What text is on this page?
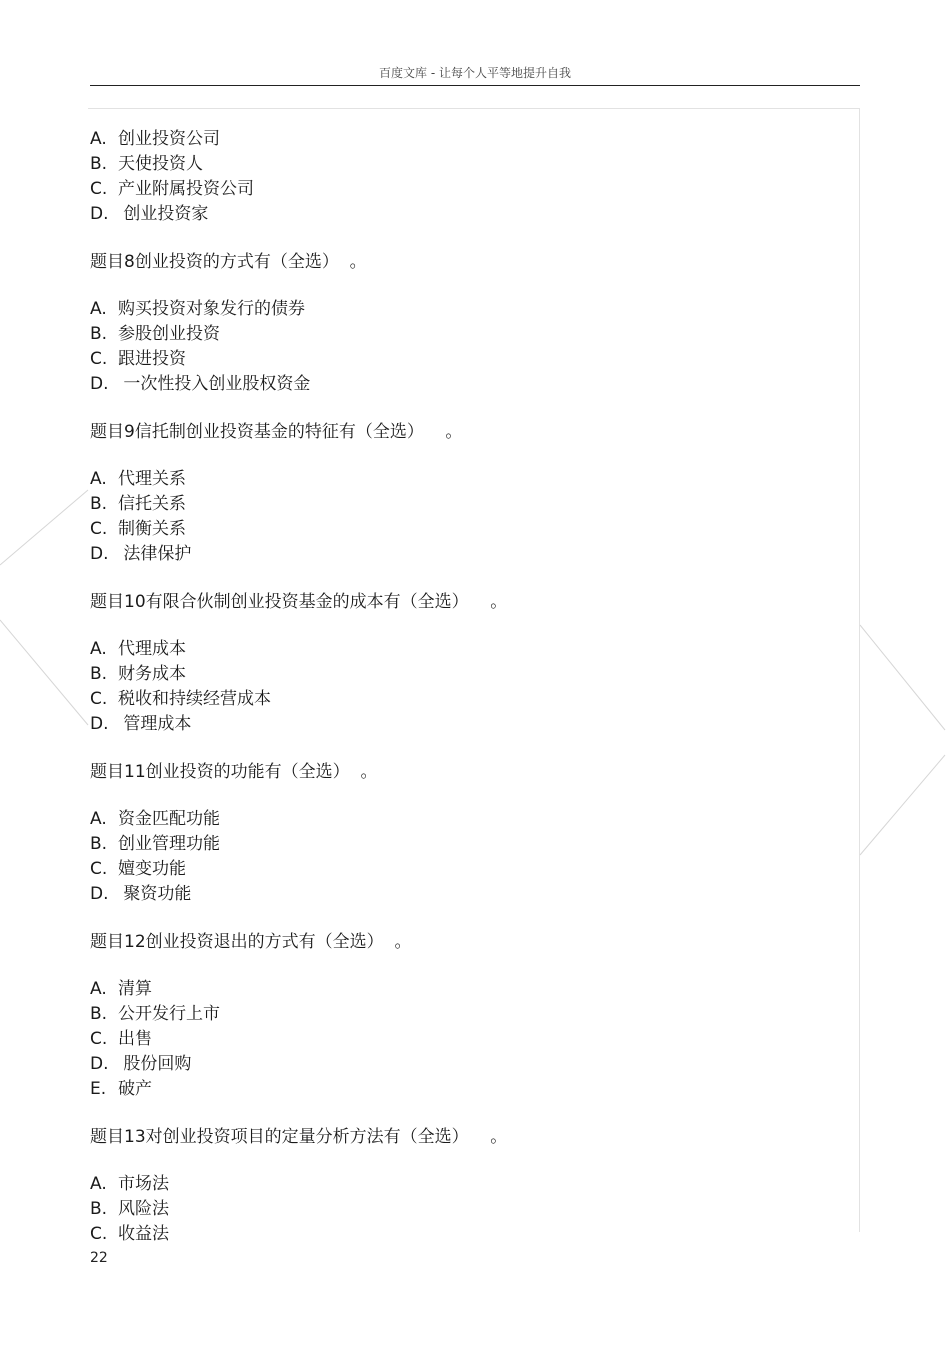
百度文库 - 让每个人平等地提升自我
A. 创业投资公司
B. 天使投资人
C. 产业附属投资公司
D. 创业投资家
题目8创业投资的方式有（全选）  。
A. 购买投资对象发行的债券
B. 参股创业投资
C. 跟进投资
D. 一次性投入创业股权资金
题目9信托制创业投资基金的特征有（全选）    。
A. 代理关系
B. 信托关系
C. 制衡关系
D. 法律保护
题目10有限合伙制创业投资基金的成本有（全选）    。
A. 代理成本
B. 财务成本
C. 税收和持续经营成本
D. 管理成本
题目11创业投资的功能有（全选）  。
A. 资金匹配功能
B. 创业管理功能
C. 嬗变功能
D. 聚资功能
题目12创业投资退出的方式有（全选）  。
A. 清算
B. 公开发行上市
C. 出售
D. 股份回购
E. 破产
题目13对创业投资项目的定量分析方法有（全选）    。
A. 市场法
B. 风险法
C. 收益法
22
